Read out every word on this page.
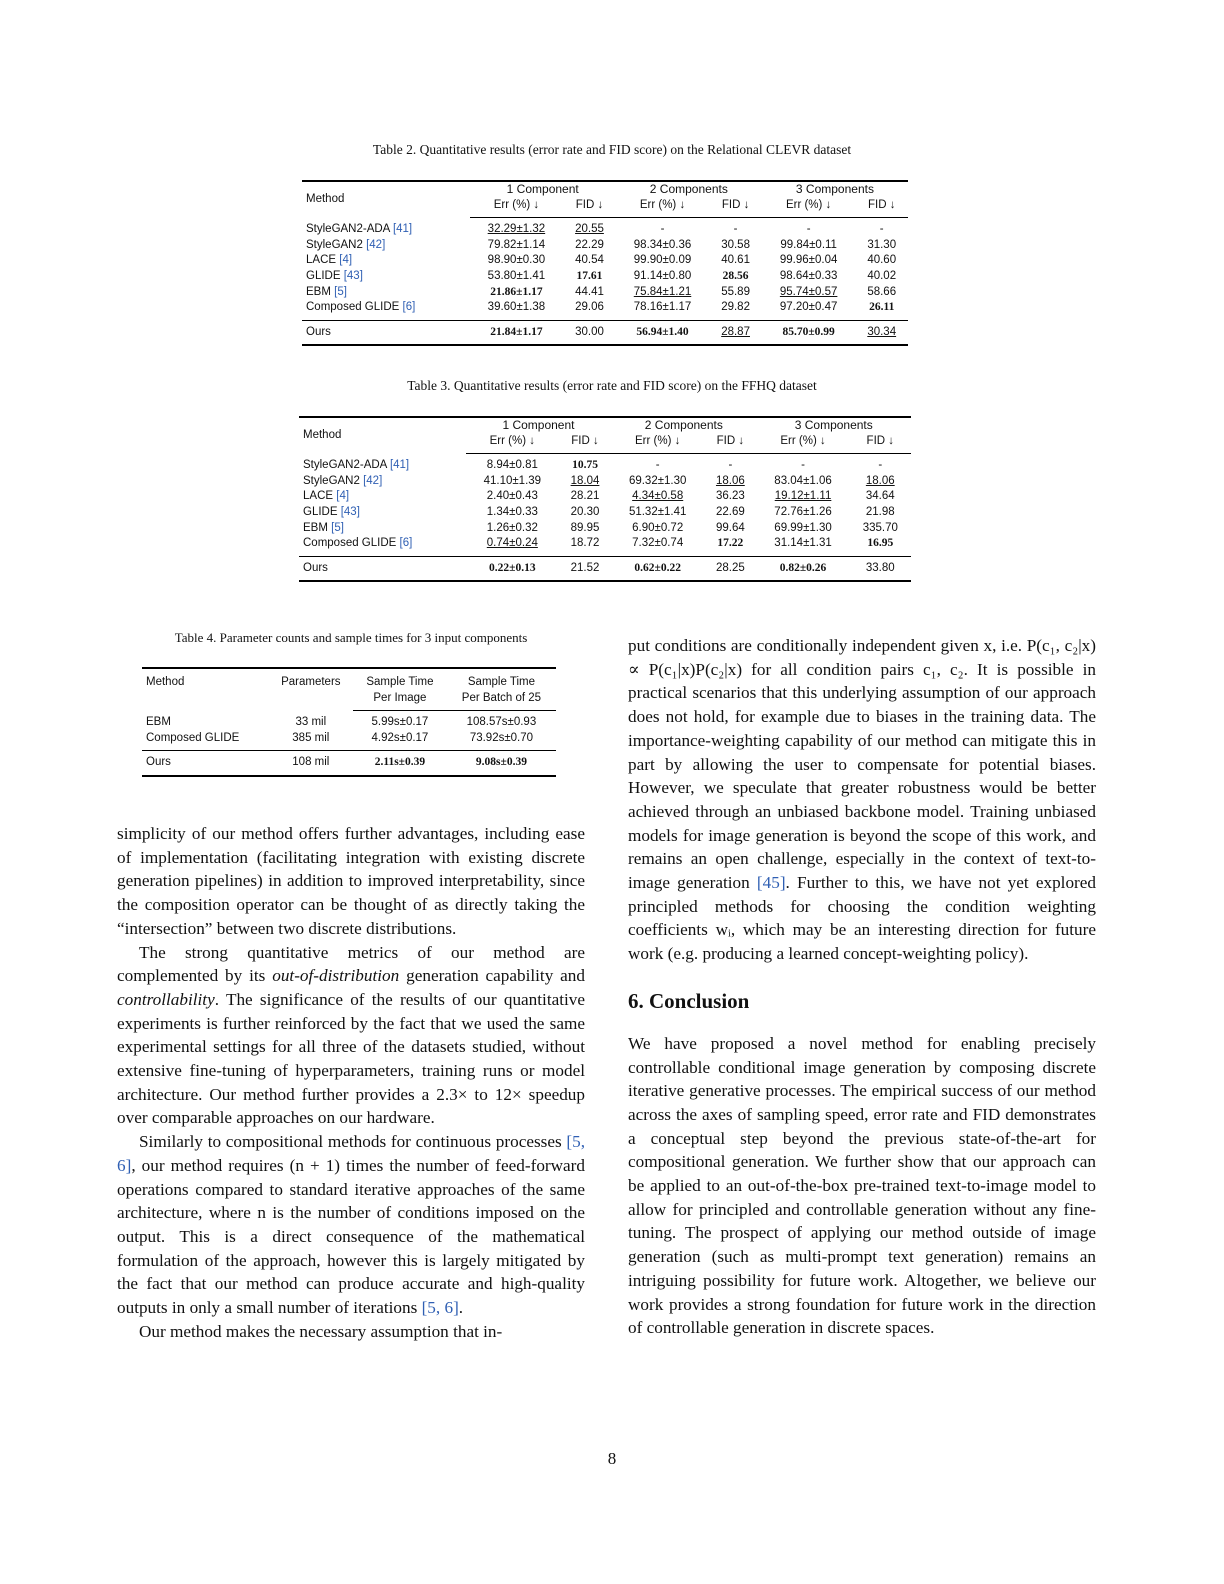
Table 2. Quantitative results (error rate and FID score) on the Relational CLEVR dataset
Method	1 Component		2 Components		3 Components	
	Err (%) ↓	FID ↓	Err (%) ↓	FID ↓	Err (%) ↓	FID ↓
StyleGAN2-ADA [41]	32.29±1.32	20.55	-	-	-	-
StyleGAN2 [42]	79.82±1.14	22.29	98.34±0.36	30.58	99.84±0.11	31.30
LACE [4]	98.90±0.30	40.54	99.90±0.09	40.61	99.96±0.04	40.60
GLIDE [43]	53.80±1.41	17.61	91.14±0.80	28.56	98.64±0.33	40.02
EBM [5]	21.86±1.17	44.41	75.84±1.21	55.89	95.74±0.57	58.66
Composed GLIDE [6]	39.60±1.38	29.06	78.16±1.17	29.82	97.20±0.47	26.11
Ours	21.84±1.17	30.00	56.94±1.40	28.87	85.70±0.99	30.34
Table 3. Quantitative results (error rate and FID score) on the FFHQ dataset
Method	1 Component		2 Components		3 Components	
	Err (%) ↓	FID ↓	Err (%) ↓	FID ↓	Err (%) ↓	FID ↓
StyleGAN2-ADA [41]	8.94±0.81	10.75	-	-	-	-
StyleGAN2 [42]	41.10±1.39	18.04	69.32±1.30	18.06	83.04±1.06	18.06
LACE [4]	2.40±0.43	28.21	4.34±0.58	36.23	19.12±1.11	34.64
GLIDE [43]	1.34±0.33	20.30	51.32±1.41	22.69	72.76±1.26	21.98
EBM [5]	1.26±0.32	89.95	6.90±0.72	99.64	69.99±1.30	335.70
Composed GLIDE [6]	0.74±0.24	18.72	7.32±0.74	17.22	31.14±1.31	16.95
Ours	0.22±0.13	21.52	0.62±0.22	28.25	0.82±0.26	33.80
Table 4. Parameter counts and sample times for 3 input components
Method	Parameters	Sample Time	Sample Time
		Per Image	Per Batch of 25
EBM	33 mil	5.99s±0.17	108.57s±0.93
Composed GLIDE	385 mil	4.92s±0.17	73.92s±0.70
Ours	108 mil	2.11s±0.39	9.08s±0.39

simplicity of our method offers further advantages, including ease of implementation (facilitating integration with existing discrete generation pipelines) in addition to improved interpretability, since the composition operator can be thought of as directly taking the “intersection” between two discrete distributions.

The strong quantitative metrics of our method are complemented by its out-of-distribution generation capability and controllability. The significance of the results of our quantitative experiments is further reinforced by the fact that we used the same experimental settings for all three of the datasets studied, without extensive fine-tuning of hyperparameters, training runs or model architecture. Our method further provides a 2.3× to 12× speedup over comparable approaches on our hardware.

Similarly to compositional methods for continuous processes [5, 6], our method requires (n + 1) times the number of feed-forward operations compared to standard iterative approaches of the same architecture, where n is the number of conditions imposed on the output. This is a direct consequence of the mathematical formulation of the approach, however this is largely mitigated by the fact that our method can produce accurate and high-quality outputs in only a small number of iterations [5, 6].

Our method makes the necessary assumption that in-

put conditions are conditionally independent given x, i.e. P(c₁, c₂|x) ∝ P(c₁|x)P(c₂|x) for all condition pairs c₁, c₂. It is possible in practical scenarios that this underlying assumption of our approach does not hold, for example due to biases in the training data. The importance-weighting capability of our method can mitigate this in part by allowing the user to compensate for potential biases. However, we speculate that greater robustness would be better achieved through an unbiased backbone model. Training unbiased models for image generation is beyond the scope of this work, and remains an open challenge, especially in the context of text-to-image generation [45]. Further to this, we have not yet explored principled methods for choosing the condition weighting coefficients wᵢ, which may be an interesting direction for future work (e.g. producing a learned concept-weighting policy).

6. Conclusion

We have proposed a novel method for enabling precisely controllable conditional image generation by composing discrete iterative generative processes. The empirical success of our method across the axes of sampling speed, error rate and FID demonstrates a conceptual step beyond the previous state-of-the-art for compositional generation. We further show that our approach can be applied to an out-of-the-box pre-trained text-to-image model to allow for principled and controllable generation without any fine-tuning. The prospect of applying our method outside of image generation (such as multi-prompt text generation) remains an intriguing possibility for future work. Altogether, we believe our work provides a strong foundation for future work in the direction of controllable generation in discrete spaces.

8
